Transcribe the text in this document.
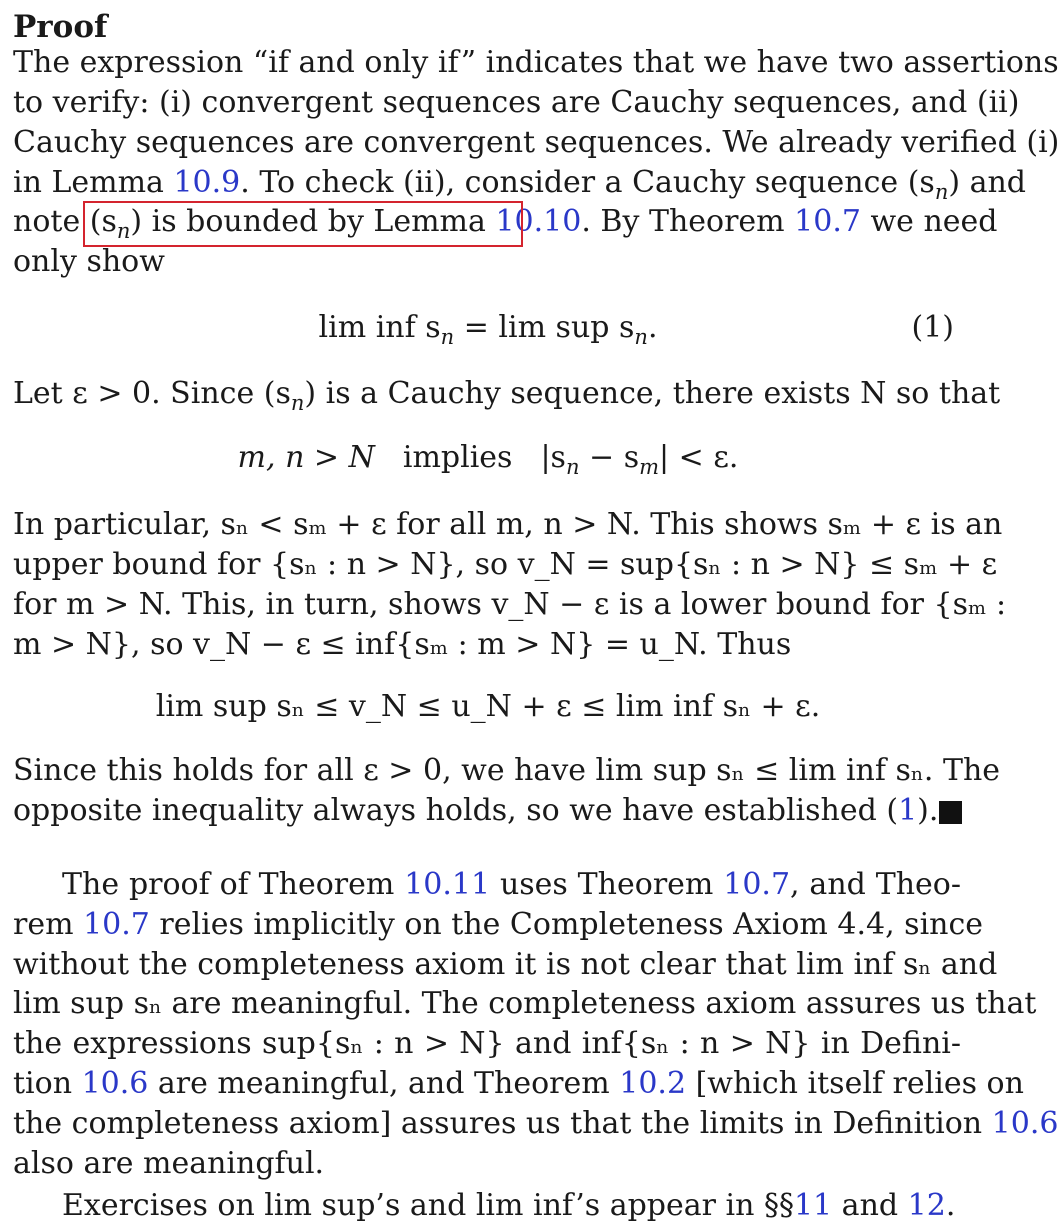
Proof
The expression “if and only if” indicates that we have two assertions
to verify: (i) convergent sequences are Cauchy sequences, and (ii)
Cauchy sequences are convergent sequences. We already verified (i)
in Lemma 10.9. To check (ii), consider a Cauchy sequence $(s_n)$ and
note $(s_n)$ is bounded by Lemma 10.10. By Theorem 10.7 we need
only show
lim inf $s_n = \lim$ sup $s_n$.	(1)
Let ε > 0. Since $(s_n)$ is a Cauchy sequence, there exists N so that
m, n > N implies $|s_n - s_m| < \varepsilon$.
In particular, sₙ < sₘ + ε for all m, n > N. This shows sₘ + ε is an
upper bound for {sₙ : n > N}, so v_N = sup{sₙ : n > N} ≤ sₘ + ε
for m > N. This, in turn, shows v_N − ε is a lower bound for {sₘ :
m > N}, so v_N − ε ≤ inf{sₘ : m > N} = u_N. Thus
lim sup sₙ ≤ v_N ≤ u_N + ε ≤ lim inf sₙ + ε.
Since this holds for all ε > 0, we have lim sup sₙ ≤ lim inf sₙ. The
opposite inequality always holds, so we have established (1).
The proof of Theorem 10.11 uses Theorem 10.7, and Theo-
rem 10.7 relies implicitly on the Completeness Axiom 4.4, since
without the completeness axiom it is not clear that lim inf sₙ and
lim sup sₙ are meaningful. The completeness axiom assures us that
the expressions sup{sₙ : n > N} and inf{sₙ : n > N} in Defini-
tion 10.6 are meaningful, and Theorem 10.2 [which itself relies on
the completeness axiom] assures us that the limits in Definition 10.6
also are meaningful.
Exercises on lim sup’s and lim inf’s appear in §§11 and 12.
